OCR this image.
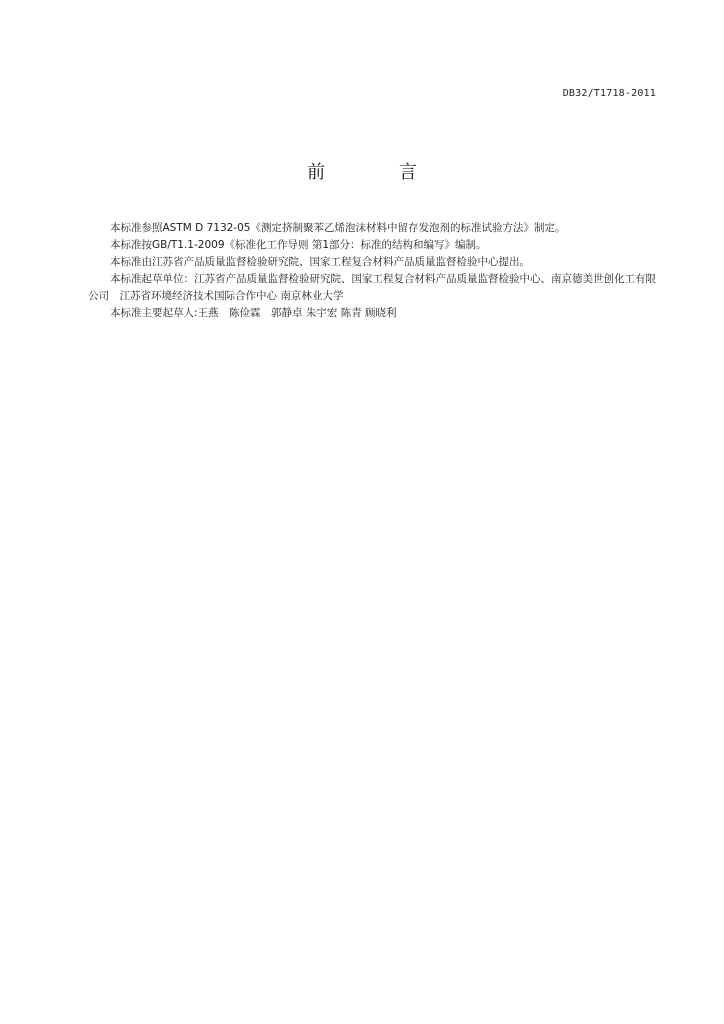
DB32/T1718-2011
前 言

本标准参照ASTM D 7132-05《测定挤制聚苯乙烯泡沫材料中留存发泡剂的标准试验方法》制定。

本标准按GB/T1.1-2009《标准化工作导则 第1部分：标准的结构和编写》编制。

本标准由江苏省产品质量监督检验研究院、国家工程复合材料产品质量监督检验中心提出。

本标准起草单位：江苏省产品质量监督检验研究院、国家工程复合材料产品质量监督检验中心、南京德美世创化工有限公司　江苏省环境经济技术国际合作中心 南京林业大学

本标准主要起草人:王燕　陈俭霖　郭静卓 朱宇宏 陈青 顾晓利
